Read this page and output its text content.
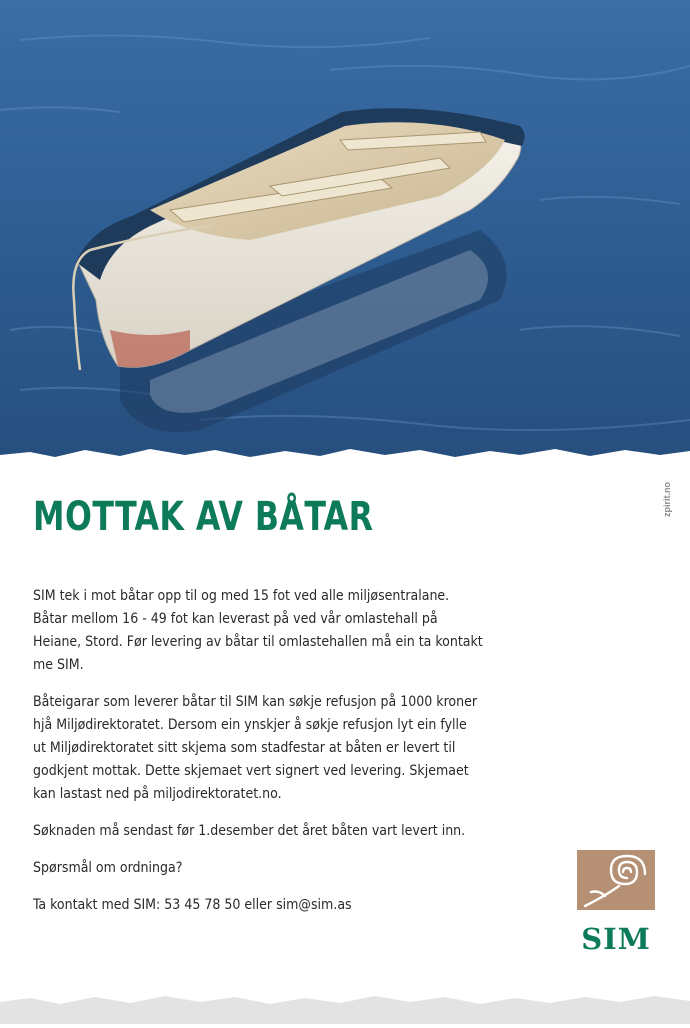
zpirit.no
MOTTAK AV BÅTAR

SIM tek i mot båtar opp til og med 15 fot ved alle miljøsentralane. Båtar mellom 16 - 49 fot kan leverast på ved vår omlastehall på Heiane, Stord. Før levering av båtar til omlastehallen må ein ta kontakt me SIM.

Båteigarar som leverer båtar til SIM kan søkje refusjon på 1000 kroner hjå Miljødirektoratet. Dersom ein ynskjer å søkje refusjon lyt ein fylle ut Miljødirektoratet sitt skjema som stadfestar at båten er levert til godkjent mottak. Dette skjemaet vert signert ved levering. Skjemaet kan lastast ned på miljodirektoratet.no.

Søknaden må sendast før 1.desember det året båten vart levert inn.

Spørsmål om ordninga?

Ta kontakt med SIM: 53 45 78 50 eller sim@sim.as

SIM
